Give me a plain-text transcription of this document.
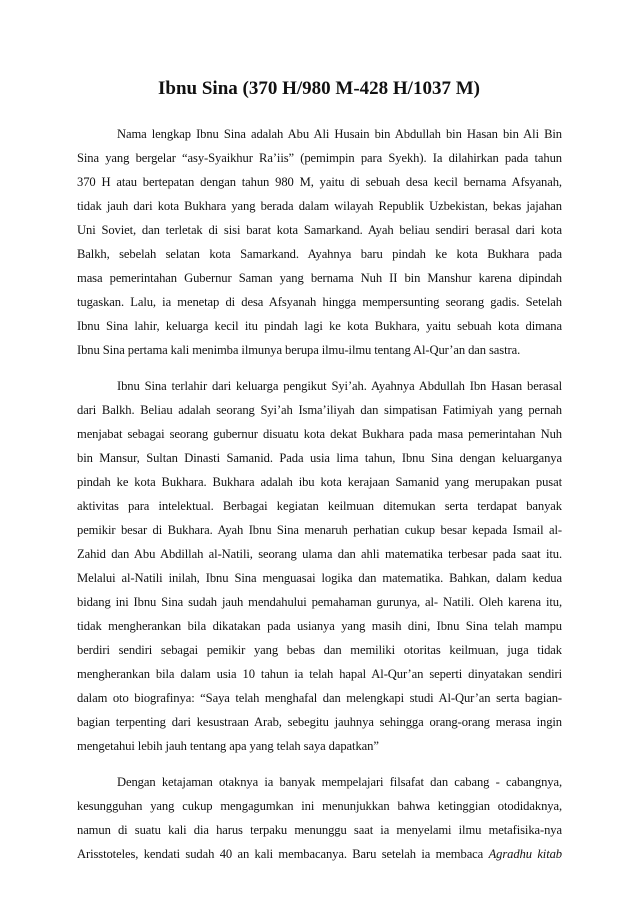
Ibnu Sina (370 H/980 M-428 H/1037 M)
Nama lengkap Ibnu Sina adalah Abu Ali Husain bin Abdullah bin Hasan bin Ali Bin
Sina yang bergelar “asy-Syaikhur Ra’iis” (pemimpin para Syekh). Ia dilahirkan pada tahun
370 H atau bertepatan dengan tahun 980 M, yaitu di sebuah desa kecil bernama Afsyanah,
tidak jauh dari kota Bukhara yang berada dalam wilayah Republik Uzbekistan, bekas jajahan
Uni Soviet, dan terletak di sisi barat kota Samarkand. Ayah beliau sendiri berasal dari kota
Balkh, sebelah selatan kota Samarkand. Ayahnya baru pindah ke kota Bukhara pada
masa pemerintahan Gubernur Saman yang bernama Nuh II bin Manshur karena dipindah
tugaskan. Lalu, ia menetap di desa Afsyanah hingga mempersunting seorang gadis. Setelah
Ibnu Sina lahir, keluarga kecil itu pindah lagi ke kota Bukhara, yaitu sebuah kota dimana
Ibnu Sina pertama kali menimba ilmunya berupa ilmu-ilmu tentang Al-Qur’an dan sastra.
Ibnu Sina terlahir dari keluarga pengikut Syi’ah. Ayahnya Abdullah Ibn Hasan berasal
dari Balkh. Beliau adalah seorang Syi’ah Isma’iliyah dan simpatisan Fatimiyah yang pernah
menjabat sebagai seorang gubernur disuatu kota dekat Bukhara pada masa pemerintahan Nuh
bin Mansur, Sultan Dinasti Samanid. Pada usia lima tahun, Ibnu Sina dengan keluarganya
pindah ke kota Bukhara. Bukhara adalah ibu kota kerajaan Samanid yang merupakan pusat
aktivitas para intelektual. Berbagai kegiatan keilmuan ditemukan serta terdapat banyak
pemikir besar di Bukhara. Ayah Ibnu Sina menaruh perhatian cukup besar kepada Ismail al-
Zahid dan Abu Abdillah al-Natili, seorang ulama dan ahli matematika terbesar pada saat itu.
Melalui al-Natili inilah, Ibnu Sina menguasai logika dan matematika. Bahkan, dalam kedua
bidang ini Ibnu Sina sudah jauh mendahului pemahaman gurunya, al- Natili. Oleh karena itu,
tidak mengherankan bila dikatakan pada usianya yang masih dini, Ibnu Sina telah mampu
berdiri sendiri sebagai pemikir yang bebas dan memiliki otoritas keilmuan, juga tidak
mengherankan bila dalam usia 10 tahun ia telah hapal Al-Qur’an seperti dinyatakan sendiri
dalam oto biografinya: “Saya telah menghafal dan melengkapi studi Al-Qur’an serta bagian-
bagian terpenting dari kesustraan Arab, sebegitu jauhnya sehingga orang-orang merasa ingin
mengetahui lebih jauh tentang apa yang telah saya dapatkan”
Dengan ketajaman otaknya ia banyak mempelajari filsafat dan cabang - cabangnya,
kesungguhan yang cukup mengagumkan ini menunjukkan bahwa ketinggian otodidaknya,
namun di suatu kali dia harus terpaku menunggu saat ia menyelami ilmu metafisika-nya
Arisstoteles, kendati sudah 40 an kali membacanya. Baru setelah ia membaca Agradhu kitab
